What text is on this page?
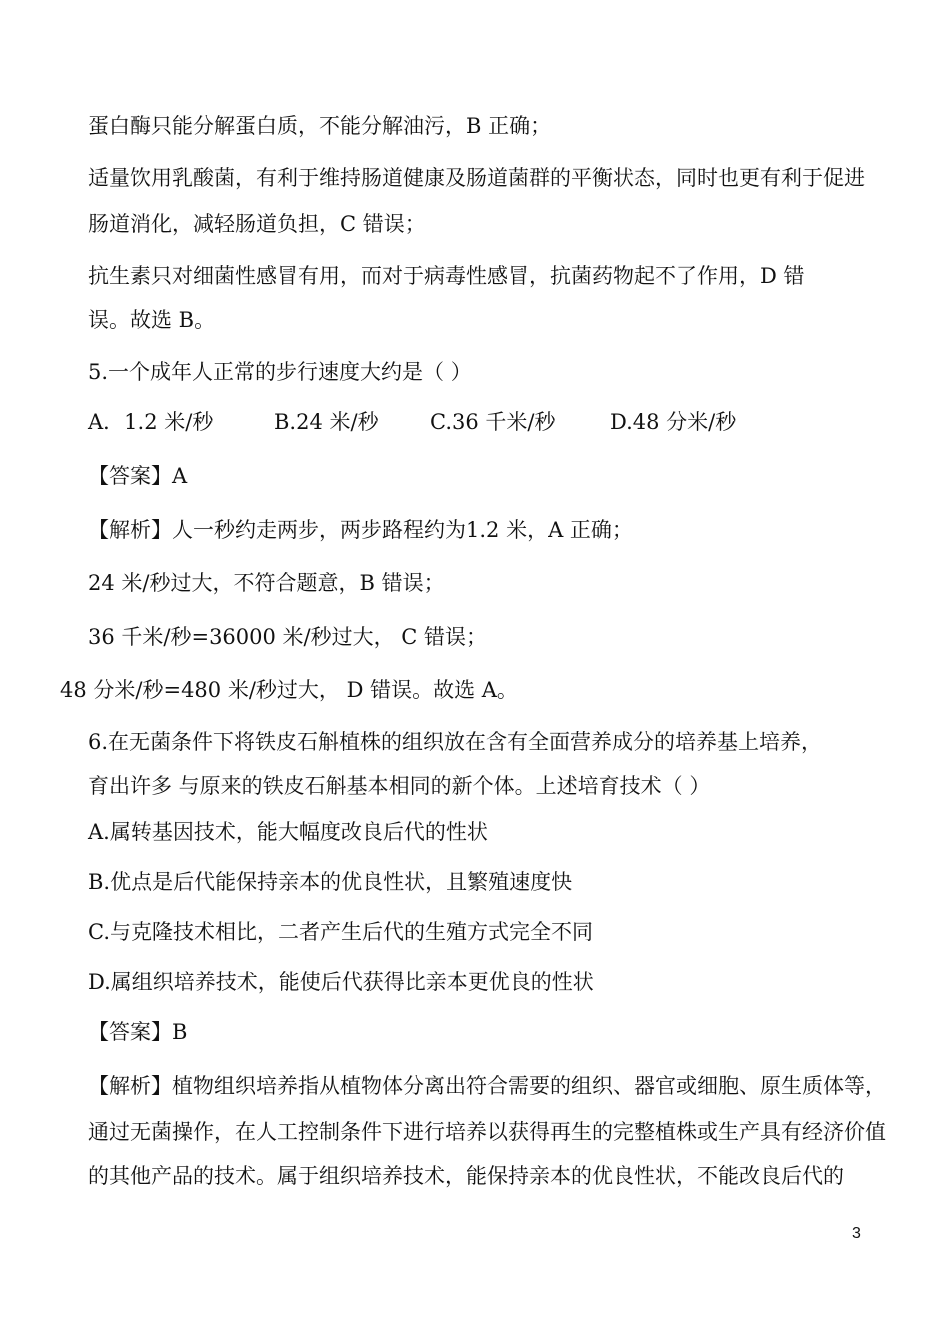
蛋白酶只能分解蛋白质，不能分解油污，B 正确；
适量饮用乳酸菌，有利于维持肠道健康及肠道菌群的平衡状态，同时也更有利于促进
肠道消化，减轻肠道负担，C 错误；
抗生素只对细菌性感冒有用，而对于病毒性感冒，抗菌药物起不了作用，D 错
误。故选 B。
5.一个成年人正常的步行速度大约是（ ）
A．1.2 米/秒	B.24 米/秒 C.36 千米/秒	D.48 分米/秒
【答案】A
【解析】人一秒约走两步，两步路程约为1.2 米，A 正确；
24 米/秒过大，不符合题意，B 错误；
36 千米/秒=36000 米/秒过大， C 错误；
48 分米/秒=480 米/秒过大， D 错误。故选 A。
6.在无菌条件下将铁皮石斛植株的组织放在含有全面营养成分的培养基上培养，
育出许多 与原来的铁皮石斛基本相同的新个体。上述培育技术（ ）
A.属转基因技术，能大幅度改良后代的性状
B.优点是后代能保持亲本的优良性状，且繁殖速度快
C.与克隆技术相比，二者产生后代的生殖方式完全不同
D.属组织培养技术，能使后代获得比亲本更优良的性状
【答案】B
【解析】植物组织培养指从植物体分离出符合需要的组织、器官或细胞、原生质体等，
通过无菌操作，在人工控制条件下进行培养以获得再生的完整植株或生产具有经济价值
的其他产品的技术。属于组织培养技术，能保持亲本的优良性状，不能改良后代的
3
